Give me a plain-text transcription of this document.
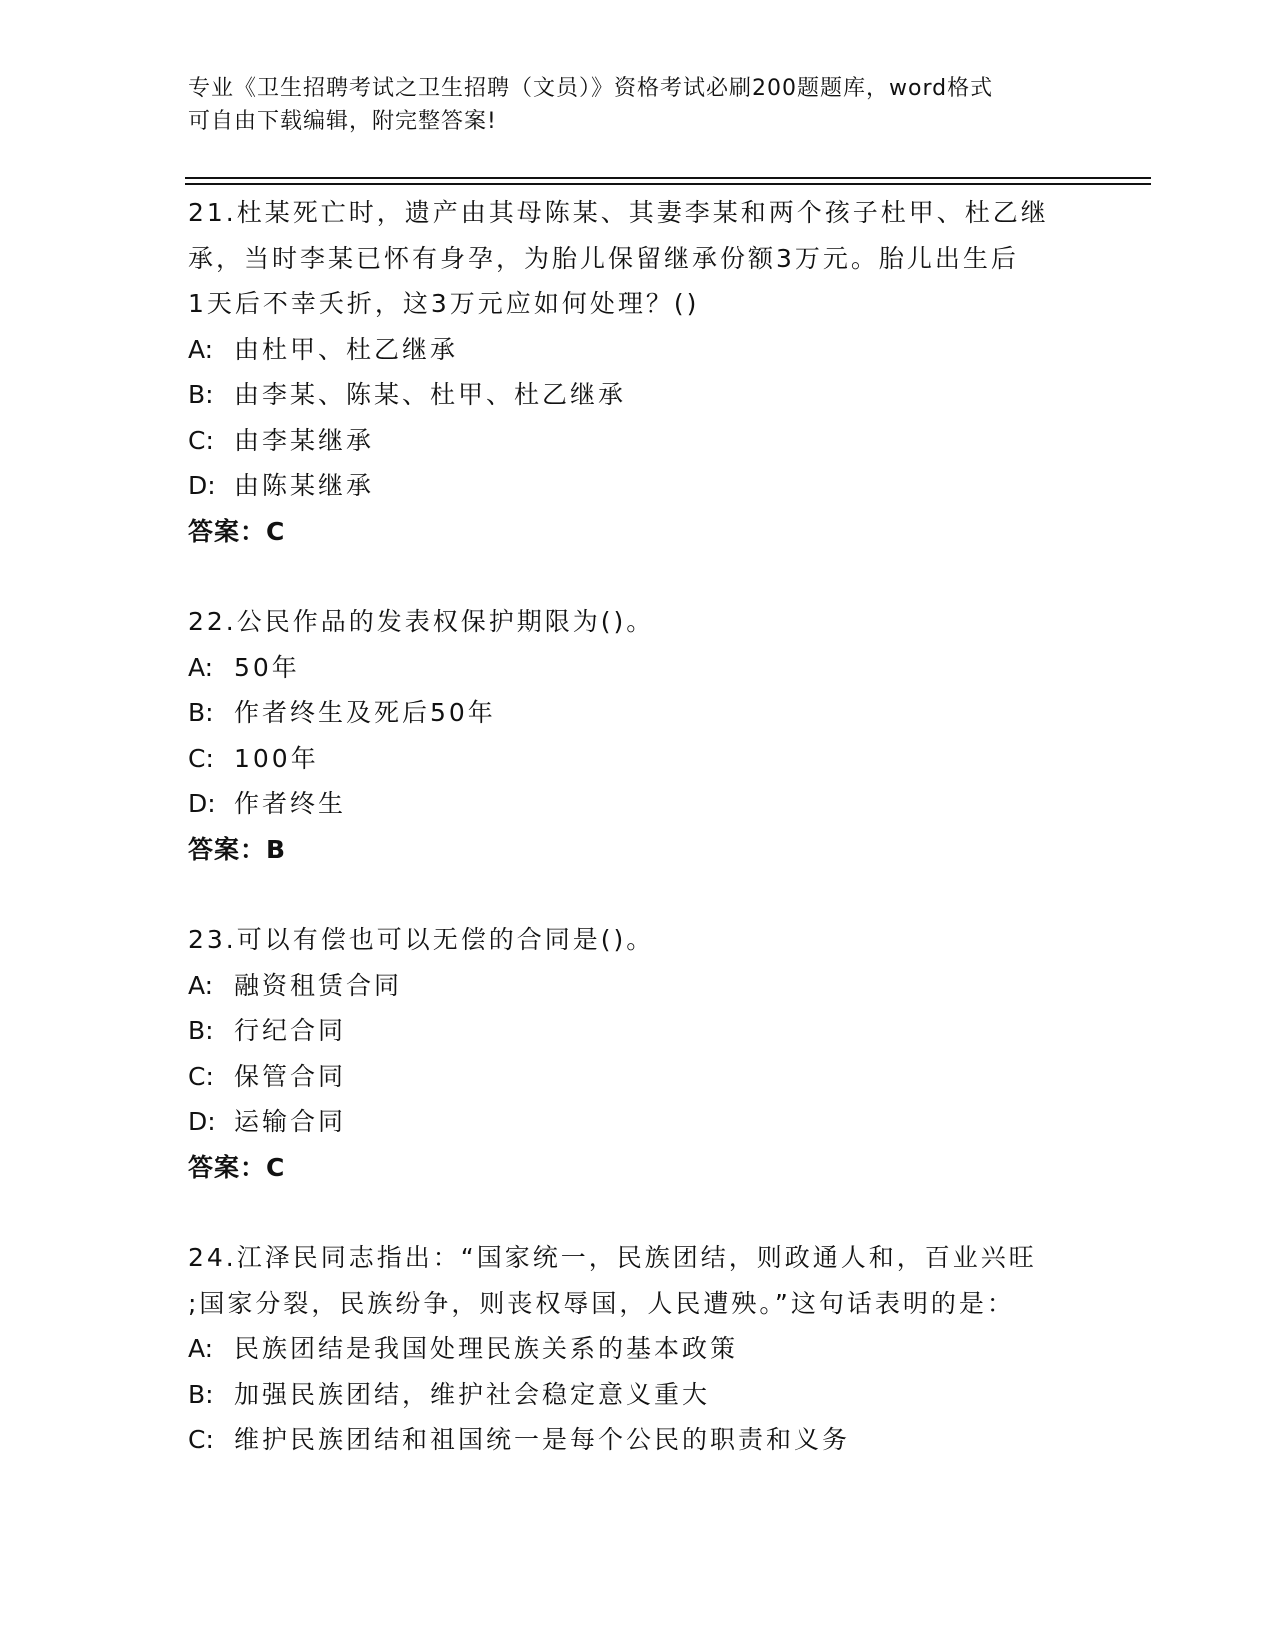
专业《卫生招聘考试之卫生招聘（文员）》资格考试必刷200题题库，word格式
可自由下载编辑，附完整答案!

21.杜某死亡时，遗产由其母陈某、其妻李某和两个孩子杜甲、杜乙继

承，当时李某已怀有身孕，为胎儿保留继承份额3万元。胎儿出生后

1天后不幸夭折，这3万元应如何处理？()

A: 由杜甲、杜乙继承

B: 由李某、陈某、杜甲、杜乙继承

C: 由李某继承

D: 由陈某继承

答案：C

22.公民作品的发表权保护期限为()。

A: 50年

B: 作者终生及死后50年

C: 100年

D: 作者终生

答案：B

23.可以有偿也可以无偿的合同是()。

A: 融资租赁合同

B: 行纪合同

C: 保管合同

D: 运输合同

答案：C

24.江泽民同志指出：“国家统一，民族团结，则政通人和，百业兴旺

;国家分裂，民族纷争，则丧权辱国，人民遭殃。”这句话表明的是：

A: 民族团结是我国处理民族关系的基本政策

B: 加强民族团结，维护社会稳定意义重大

C: 维护民族团结和祖国统一是每个公民的职责和义务
